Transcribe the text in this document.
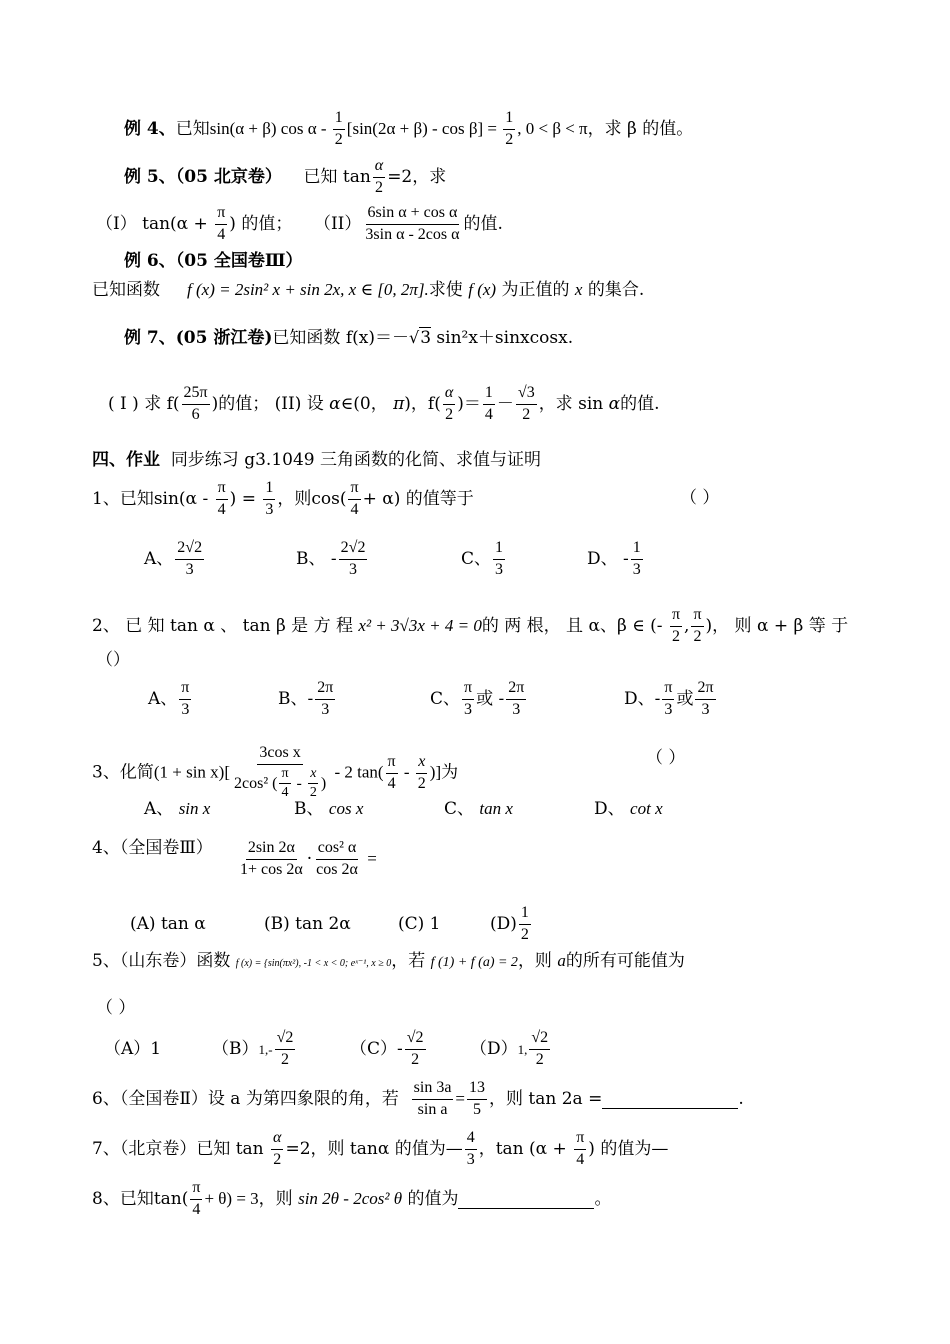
例 4、已知sin(α + β) $\cos \alpha - \frac{1}{2} [\sin(2\alpha + \beta) - \cos \beta] = \frac{1}{2}$ , 0 < β < π，求 β 的值。
例 5、（05 北京卷） 已知 $\tan \frac{\alpha}{2} =2$，求
（I） $\tan(\alpha + \frac{\pi}{4}$ ) 的值； $(II) \frac{\text{6sin α + cos α}}{\text{3sin α - 2cos α}}$ 的值.
例 6、（05 全国卷Ⅲ）
已知函数 f (x) = 2sin² x + sin 2x, x ∈ [0, 2π].求使 f (x) 为正值的 x 的集合.
例 7、(05 浙江卷)已知函数 f(x)＝－√3 sin²x＋sinxcosx.
( I ) 求 $f( \frac{25\pi}{6}$ )的值； (II) 设 α∈(0， π)，$f( \frac{\alpha}{2}$ )＝ $\frac{1}{4} - \frac{√3}{2}$ ，求 sin α的值.
四、作业 同步练习 g3.1049 三角函数的化简、求值与证明
1、已知$\sin(\alpha - \frac{\pi}{4}$ ) = $\frac{1}{3}$ ，则$\cos( \frac{\pi}{4} + \alpha)$ 的值等于	（ ）
A、 $\frac{2√2}{3}$	B、 - $\frac{2√2}{3}$	C、 $\frac{1}{3}$	D、 - $\frac{1}{3}$
2、 已 知 tan α 、 tan β 是 方 程 x² + 3√3x + 4 = 0的 两 根， 且 α、β ∈ (- $\frac{\pi}{2}$ , $\frac{\pi}{2}$ )， 则 α + β 等 于
（）
A、 $\frac{\pi}{3}$	B、- $\frac{2\pi}{3}$	C、 $\frac{\pi}{3}$ 或 - $\frac{2\pi}{3}$	D、- $\frac{\pi}{3}$ 或 $\frac{2\pi}{3}$
3、化简$(1 + \sin x)[ \frac{\text{3cos x}}{2\cos^2 ( \frac{\pi}{4} - \frac{x}{2} )} - 2$ $\tan( \frac{\pi}{4} - \frac{x}{2}$ )]为
（ ）
A、 sin x	B、 cos x	C、 tan x	D、 cot x
4、（全国卷Ⅲ） $\frac{2\sin 2\alpha}{1+ \cos 2\alpha} \cdot \frac{\text{cos² α}}{\cos 2\alpha}$ =
(A) tan α	(B) tan 2α	(C) 1	$(D) \frac{1}{2}$
5、（山东卷）函数 f (x) = {sin(πx²), -1 < x < 0; eˣ⁻¹, x ≥ 0，若 f (1) + f (a) = 2，则 a的所有可能值为
（ ）
（A）1	$(B)1,- \frac{√2}{2}$	$(C)- \frac{√2}{2}$	（D）1, $\frac{√2}{2}$
6、（全国卷Ⅱ）设 a 为第四象限的角，若 $\frac{\sin 3a}{\text{sin a}} = \frac{13}{5}$ ，则 tan 2a =	.
7、（北京卷）已知 $\tan \frac{\alpha}{2} =2$，则 tanα 的值为— $\frac{4}{3}$ ，$\tan (\alpha + \frac{\pi}{4}$ ) 的值为—
8、已知$\tan( \frac{\pi}{4} + \theta) = 3$，则 sin 2θ - 2cos² θ 的值为	。
